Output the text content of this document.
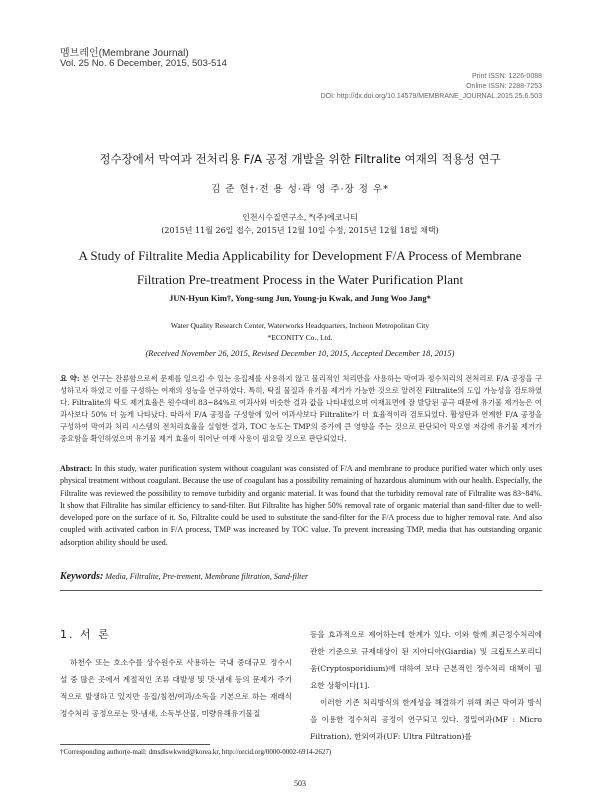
멤브레인(Membrane Journal)
Vol. 25 No. 6 December, 2015, 503-514
Print ISSN: 1226-0088
Online ISSN: 2288-7253
DOI: http://dx.doi.org/10.14579/MEMBRANE_JOURNAL.2015.25.6.503
정수장에서 막여과 전처리용 F/A 공정 개발을 위한 Filtralite 여재의 적용성 연구
김 준 현†·전 용 성·곽 영 주·장 정 우*
인천시수질연구소, *(주)에코니티
(2015년 11월 26일 접수, 2015년 12월 10일 수정, 2015년 12월 18일 채택)
A Study of Filtralite Media Applicability for Development F/A Process of Membrane
Filtration Pre-treatment Process in the Water Purification Plant
JUN-Hyun Kim†, Yong-sung Jun, Young-ju Kwak, and Jung Woo Jang*
Water Quality Research Center, Waterworks Headquarters, Incheon Metropolitan City
*ECONITY Co., Ltd.
(Received November 26, 2015, Revised December 10, 2015, Accepted December 18, 2015)
요 약: 본 연구는 잔류함으로써 문제를 일으킬 수 있는 응집제를 사용하지 않고 물리적인 처리만을 사용하는 막여과 정수처리의 전처리로 F/A 공정을 구성하고자 하였고 이를 구성하는 여재의 성능을 연구하였다. 특히, 탁질 물질과 유기물 제거가 가능한 것으로 알려진 Filtralite의 도입 가능성을 검토하였다. Filtralite의 탁도 제거효율은 원수대비 83~84%로 여과사와 비슷한 결과 값을 나타내었으며 여재표면에 잘 발달된 공극 때문에 유기물 제거능은 여과사보다 50% 더 높게 나타났다. 따라서 F/A 공정을 구성함에 있어 여과사보다 Filtralite가 더 효율적이라 검토되었다. 활성탄과 연계한 F/A 공정을 구성하여 막여과 처리 시스템의 전처리효율을 실험한 결과, TOC 농도는 TMP의 증가에 큰 영향을 주는 것으로 판단되어 막오염 저감에 유기물 제거가 중요함을 확인하였으며 유기물 제거 효율이 뛰어난 여재 사용이 필요할 것으로 판단되었다.
Abstract: In this study, water purification system without coagulant was consisted of F/A and membrane to produce purified water which only uses physical treatment without coagulant. Because the use of coagulant has a possibility remaining of hazardous aluminum with our health. Especially, the Filtralite was reviewed the possibility to remove turbidity and organic material. It was found that the turbidity removal rate of Filtralite was 83~84%. It show that Filtralite has similar efficiency to sand-filter. But Filtralite has higher 50% removal rate of organic material than sand-filter due to well-developed pore on the surface of it. So, Filtralite could be used to substitute the sand-filter for the F/A process due to higher removal rate. And also coupled with activated carbon in F/A process, TMP was increased by TOC value. To prevent increasing TMP, media that has outstanding organic adsorption ability should be used.
Keywords: Media, Filtralite, Pre-trement, Membrane filtration, Sand-filter
1. 서 론

하천수 또는 호소수를 상수원수로 사용하는 국내 중대규모 정수시설 중 많은 곳에서 계절적인 조류 대발생 및 맛·냄새 등의 문제가 주기적으로 발생하고 있지만 응집/침전/여과/소독을 기본으로 하는 재래식 정수처리 공정으로는 맛·냄새, 소독부산물, 미량유해유기물질

등을 효과적으로 제어하는데 한계가 있다. 이와 함께 최근정수처리에 관한 기준으로 규제대상이 된 지아디아(Giardia) 및 크립토스포리디움(Cryptosporidium)에 대하여 보다 근본적인 정수처리 대책이 필요한 상황이다[1].

이러한 기존 처리방식의 한계성을 해결하기 위해 최근 막여과 방식을 이용한 정수처리 공정이 연구되고 있다. 정밀여과(MF : Micro Filtration), 한외여과(UF: Ultra Filtration)를

†Corresponding author(e-mail: dmsdlswkwnd@korea.kr, http://orcid.org/0000-0002-6914-2627)
503
